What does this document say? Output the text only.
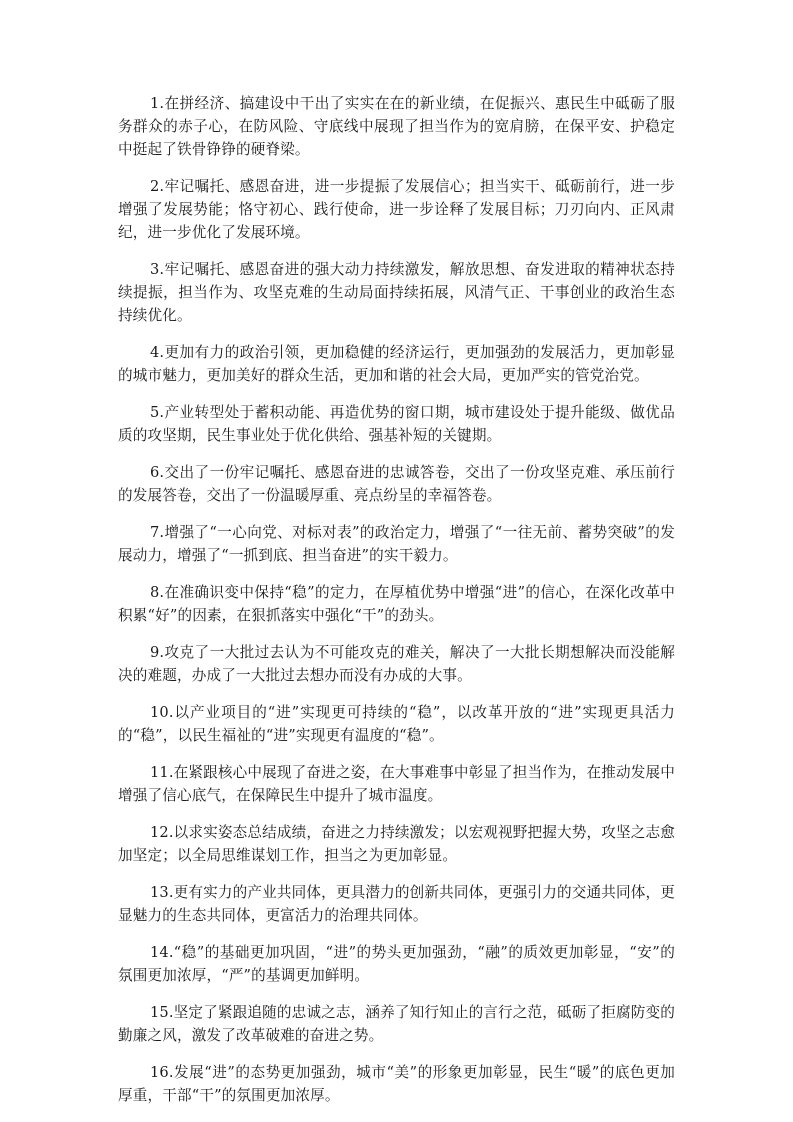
1.在拼经济、搞建设中干出了实实在在的新业绩，在促振兴、惠民生中砥砺了服务群众的赤子心，在防风险、守底线中展现了担当作为的宽肩膀，在保平安、护稳定中挺起了铁骨铮铮的硬脊梁。

2.牢记嘱托、感恩奋进，进一步提振了发展信心；担当实干、砥砺前行，进一步增强了发展势能；恪守初心、践行使命，进一步诠释了发展目标；刀刃向内、正风肃纪，进一步优化了发展环境。

3.牢记嘱托、感恩奋进的强大动力持续激发，解放思想、奋发进取的精神状态持续提振，担当作为、攻坚克难的生动局面持续拓展，风清气正、干事创业的政治生态持续优化。

4.更加有力的政治引领，更加稳健的经济运行，更加强劲的发展活力，更加彰显的城市魅力，更加美好的群众生活，更加和谐的社会大局，更加严实的管党治党。

5.产业转型处于蓄积动能、再造优势的窗口期，城市建设处于提升能级、做优品质的攻坚期，民生事业处于优化供给、强基补短的关键期。

6.交出了一份牢记嘱托、感恩奋进的忠诚答卷，交出了一份攻坚克难、承压前行的发展答卷，交出了一份温暖厚重、亮点纷呈的幸福答卷。

7.增强了“一心向党、对标对表”的政治定力，增强了“一往无前、蓄势突破”的发展动力，增强了“一抓到底、担当奋进”的实干毅力。

8.在准确识变中保持“稳”的定力，在厚植优势中增强“进”的信心，在深化改革中积累“好”的因素，在狠抓落实中强化“干”的劲头。

9.攻克了一大批过去认为不可能攻克的难关，解决了一大批长期想解决而没能解决的难题，办成了一大批过去想办而没有办成的大事。

10.以产业项目的“进”实现更可持续的“稳”，以改革开放的“进”实现更具活力的“稳”，以民生福祉的“进”实现更有温度的“稳”。

11.在紧跟核心中展现了奋进之姿，在大事难事中彰显了担当作为，在推动发展中增强了信心底气，在保障民生中提升了城市温度。

12.以求实姿态总结成绩，奋进之力持续激发；以宏观视野把握大势，攻坚之志愈加坚定；以全局思维谋划工作，担当之为更加彰显。

13.更有实力的产业共同体，更具潜力的创新共同体，更强引力的交通共同体，更显魅力的生态共同体，更富活力的治理共同体。

14.“稳”的基础更加巩固，“进”的势头更加强劲，“融”的质效更加彰显，“安”的氛围更加浓厚，“严”的基调更加鲜明。

15.坚定了紧跟追随的忠诚之志，涵养了知行知止的言行之范，砥砺了拒腐防变的勤廉之风，激发了改革破难的奋进之势。

16.发展“进”的态势更加强劲，城市“美”的形象更加彰显，民生“暖”的底色更加厚重，干部“干”的氛围更加浓厚。
